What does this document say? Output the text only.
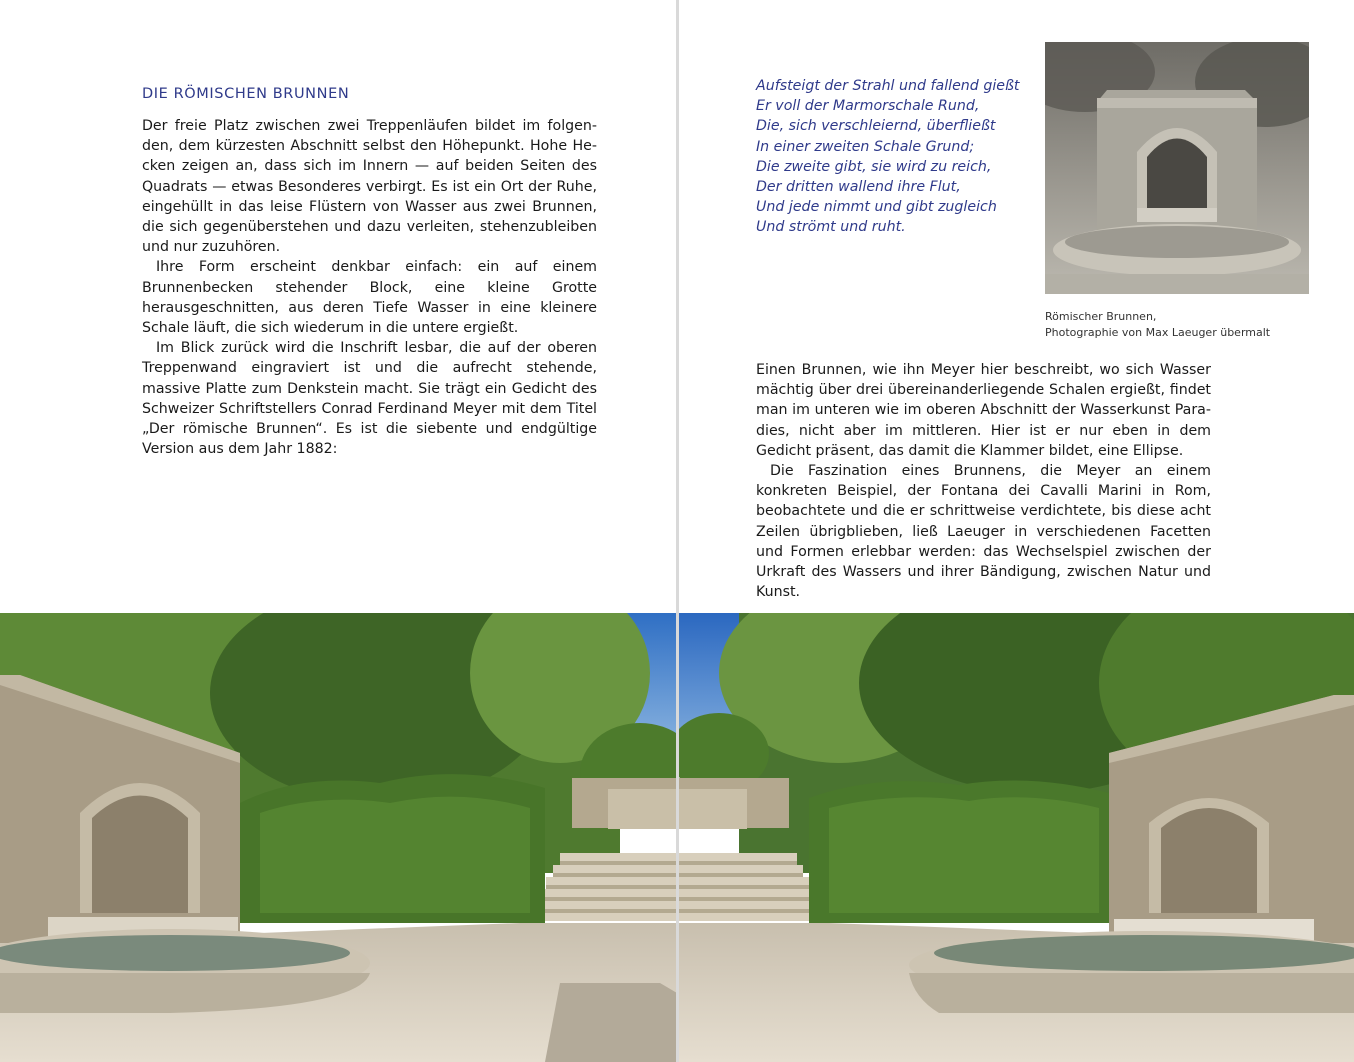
DIE RÖMISCHEN BRUNNEN

Der freie Platz zwischen zwei Treppenläufen bildet im folgenden, dem kürzesten Abschnitt selbst den Höhepunkt. Hohe Hecken zeigen an, dass sich im Innern — auf beiden Seiten des Quadrats — etwas Besonderes verbirgt. Es ist ein Ort der Ruhe, eingehüllt in das leise Flüstern von Wasser aus zwei Brunnen, die sich gegenüberstehen und dazu verleiten, stehenzubleiben und nur zuzuhören.

Ihre Form erscheint denkbar einfach: ein auf einem Brunnenbecken stehender Block, eine kleine Grotte herausgeschnitten, aus deren Tiefe Wasser in eine kleinere Schale läuft, die sich wiederum in die untere ergießt.

Im Blick zurück wird die Inschrift lesbar, die auf der oberen Treppenwand eingraviert ist und die aufrecht stehende, massive Platte zum Denkstein macht. Sie trägt ein Gedicht des Schweizer Schriftstellers Conrad Ferdinand Meyer mit dem Titel „Der römische Brunnen“. Es ist die siebente und endgültige Version aus dem Jahr 1882:

Aufsteigt der Strahl und fallend gießt
Er voll der Marmorschale Rund,
Die, sich verschleiernd, überfließt
In einer zweiten Schale Grund;
Die zweite gibt, sie wird zu reich,
Der dritten wallend ihre Flut,
Und jede nimmt und gibt zugleich
Und strömt und ruht.
Römischer Brunnen,
Photographie von Max Laeuger übermalt

Einen Brunnen, wie ihn Meyer hier beschreibt, wo sich Wasser mächtig über drei übereinanderliegende Schalen ergießt, findet man im unteren wie im oberen Abschnitt der Wasserkunst Paradies, nicht aber im mittleren. Hier ist er nur eben in dem Gedicht präsent, das damit die Klammer bildet, eine Ellipse.

Die Faszination eines Brunnens, die Meyer an einem konkreten Beispiel, der Fontana dei Cavalli Marini in Rom, beobachtete und die er schrittweise verdichtete, bis diese acht Zeilen übrigblieben, ließ Laeuger in verschiedenen Facetten und Formen erlebbar werden: das Wechselspiel zwischen der Urkraft des Wassers und ihrer Bändigung, zwischen Natur und Kunst.
